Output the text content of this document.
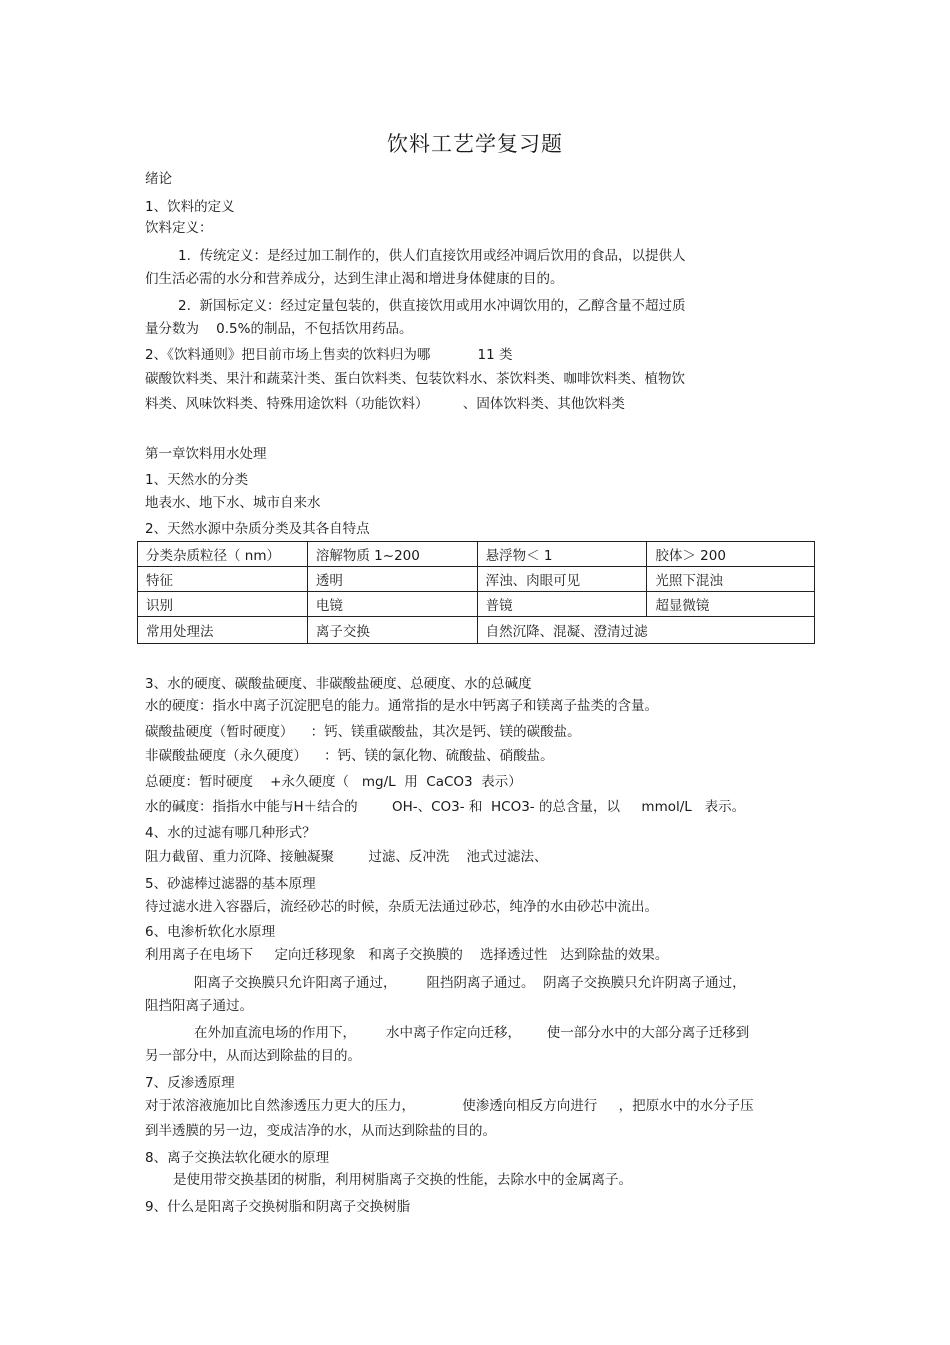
饮料工艺学复习题
绪论
1、饮料的定义
饮料定义：
1.  传统定义：是经过加工制作的，供人们直接饮用或经冲调后饮用的食品，以提供人
们生活必需的水分和营养成分，达到生津止渴和增进身体健康的目的。
2.  新国标定义：经过定量包装的，供直接饮用或用水冲调饮用的，乙醇含量不超过质
量分数为    0.5%的制品，不包括饮用药品。
2、《饮料通则》把目前市场上售卖的饮料归为哪           11 类
碳酸饮料类、果汁和蔬菜汁类、蛋白饮料类、包装饮料水、茶饮料类、咖啡饮料类、植物饮
料类、风味饮料类、特殊用途饮料（功能饮料）        、固体饮料类、其他饮料类
第一章饮料用水处理
1、天然水的分类
地表水、地下水、城市自来水
2、天然水源中杂质分类及其各自特点
分类杂质粒径（ nm）	溶解物质 1~200	悬浮物＜ 1	胶体＞ 200
特征	透明	浑浊、肉眼可见	光照下混浊
识别	电镜	普镜	超显微镜
常用处理法	离子交换	自然沉降、混凝、澄清过滤	
3、水的硬度、碳酸盐硬度、非碳酸盐硬度、总硬度、水的总碱度
水的硬度：指水中离子沉淀肥皂的能力。通常指的是水中钙离子和镁离子盐类的含量。
碳酸盐硬度（暂时硬度）    ：钙、镁重碳酸盐，其次是钙、镁的碳酸盐。
非碳酸盐硬度（永久硬度）    ：钙、镁的氯化物、硫酸盐、硝酸盐。
总硬度：暂时硬度    +永久硬度（   mg/L  用  CaCO3  表示）
水的碱度：指指水中能与H＋结合的        OH-、CO3- 和  HCO3- 的总含量，以     mmol/L   表示。
4、水的过滤有哪几种形式？
阻力截留、重力沉降、接触凝聚        过滤、反冲洗    池式过滤法、
5、砂滤棒过滤器的基本原理
待过滤水进入容器后，流经砂芯的时候，杂质无法通过砂芯，纯净的水由砂芯中流出。
6、电渗析软化水原理
利用离子在电场下     定向迁移现象   和离子交换膜的    选择透过性   达到除盐的效果。
阳离子交换膜只允许阳离子通过，       阻挡阴离子通过。  阴离子交换膜只允许阴离子通过，
阻挡阳离子通过。
在外加直流电场的作用下，       水中离子作定向迁移，      使一部分水中的大部分离子迁移到
另一部分中，从而达到除盐的目的。
7、反渗透原理
对于浓溶液施加比自然渗透压力更大的压力，           使渗透向相反方向进行     ，把原水中的水分子压
到半透膜的另一边，变成洁净的水，从而达到除盐的目的。
8、离子交换法软化硬水的原理
是使用带交换基团的树脂，利用树脂离子交换的性能，去除水中的金属离子。
9、什么是阳离子交换树脂和阴离子交换树脂
